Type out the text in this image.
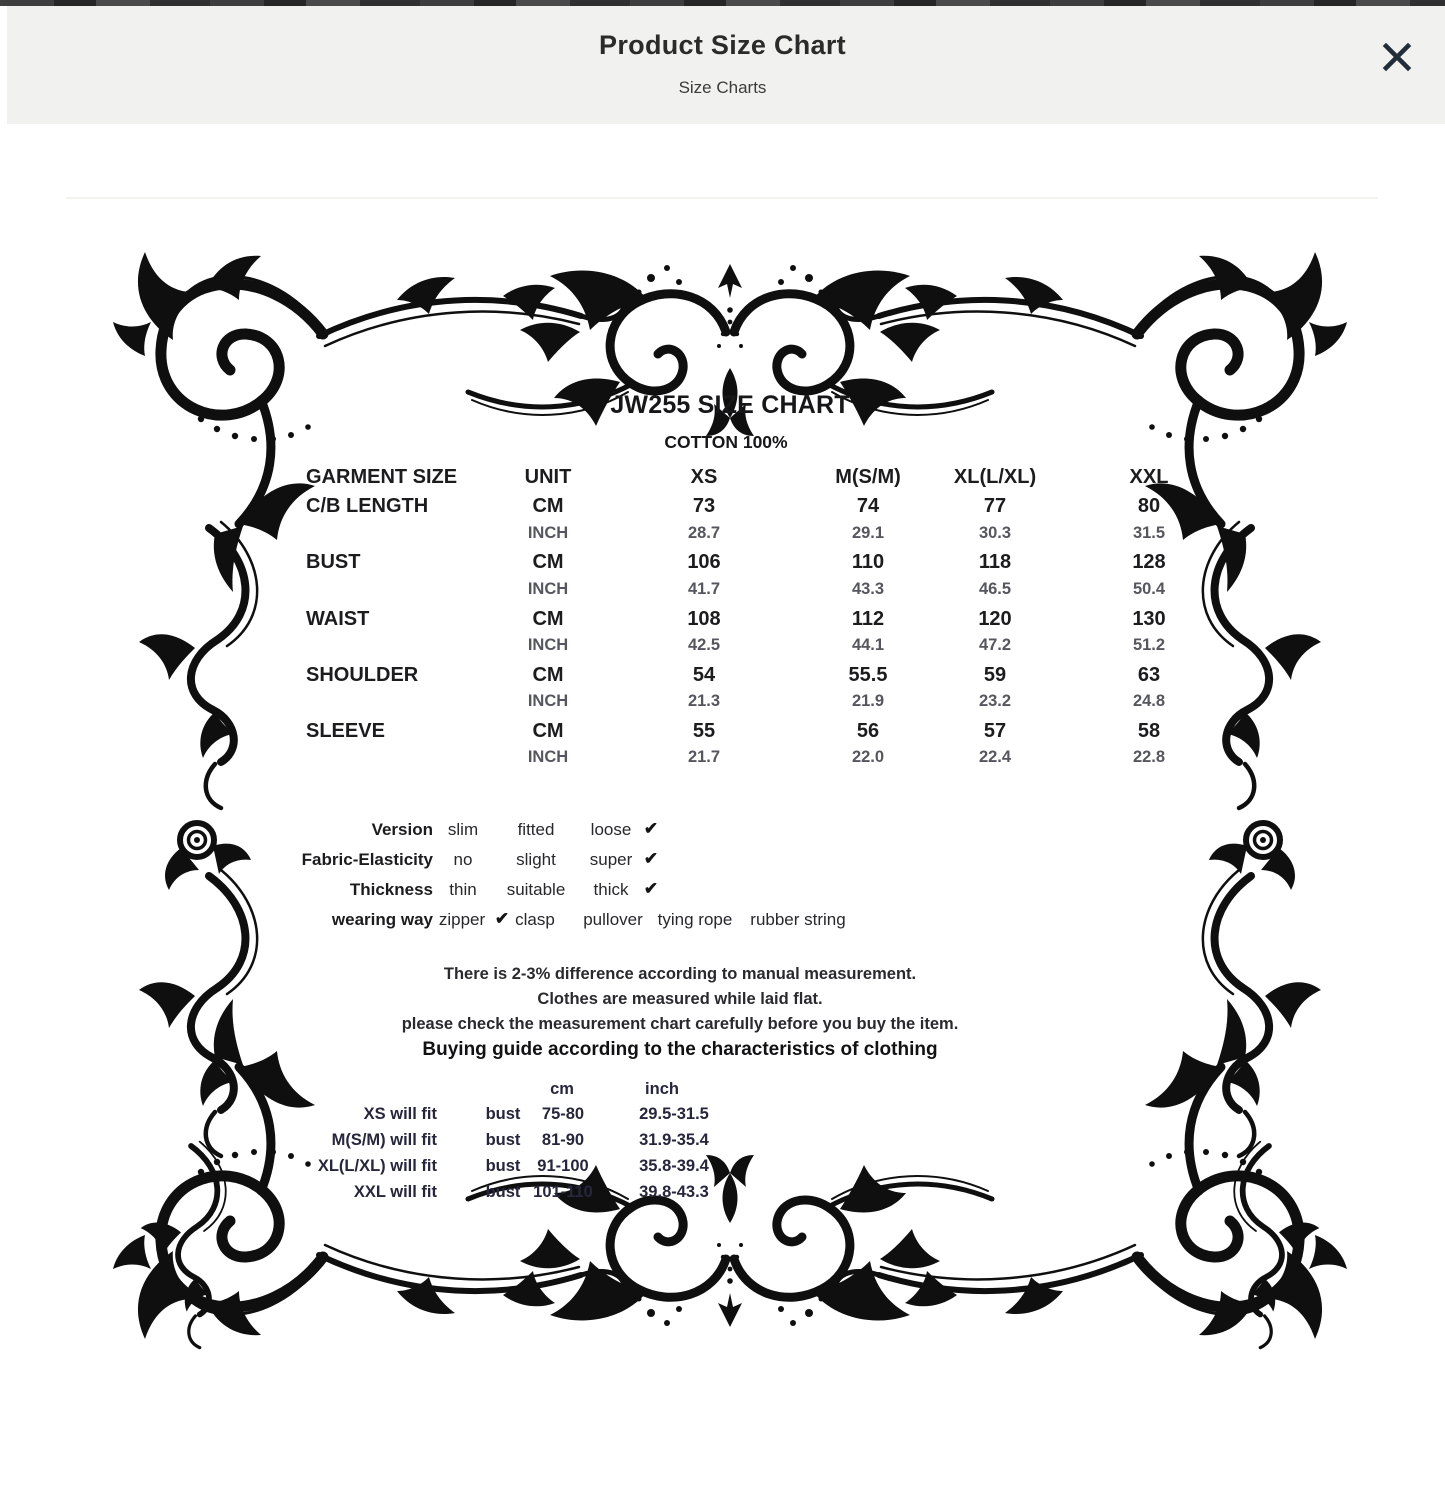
Product Size Chart
Size Charts
JW255 SIZE CHART
COTTON 100%
GARMENT SIZE	UNIT	XS	M(S/M)	XL(L/XL)	XXL
C/B LENGTH	CM	73	74	77	80
INCH	28.7	29.1	30.3	31.5
BUST	CM	106	110	118	128
INCH	41.7	43.3	46.5	50.4
WAIST	CM	108	112	120	130
INCH	42.5	44.1	47.2	51.2
SHOULDER	CM	54	55.5	59	63
INCH	21.3	21.9	23.2	24.8
SLEEVE	CM	55	56	57	58
INCH	21.7	22.0	22.4	22.8
Version slim fitted loose ✔
Fabric-Elasticity no	slight super ✔
Thickness thin suitable thick ✔
wearing way zipper ✔ clasp pullover tying rope rubber string
There is 2-3% difference according to manual measurement.
Clothes are measured while laid flat.
please check the measurement chart carefully before you buy the item.
Buying guide according to the characteristics of clothing
cm	inch
XS will fit	bust 75-80	29.5-31.5
M(S/M) will fit	bust 81-90	31.9-35.4
XL(L/XL) will fit	bust 91-100	35.8-39.4
XXL will fit	bust 101-110	39.8-43.3
